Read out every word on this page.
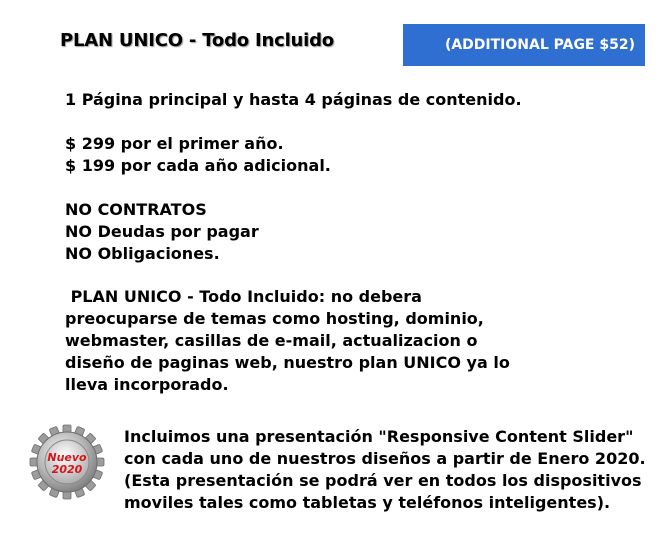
PLAN UNICO - Todo Incluido	(ADDITIONAL PAGE $52)
1 Página principal y hasta 4 páginas de contenido.
$ 299 por el primer año.
$ 199 por cada año adicional.
NO CONTRATOS
NO Deudas por pagar
NO Obligaciones.
PLAN UNICO - Todo Incluido: no debera
preocuparse de temas como hosting, dominio,
webmaster, casillas de e-mail, actualizacion o
diseño de paginas web, nuestro plan UNICO ya lo
lleva incorporado.
Nuevo
2020
Incluimos una presentación "Responsive Content Slider"
con cada uno de nuestros diseños a partir de Enero 2020.
(Esta presentación se podrá ver en todos los dispositivos
moviles tales como tabletas y teléfonos inteligentes).
